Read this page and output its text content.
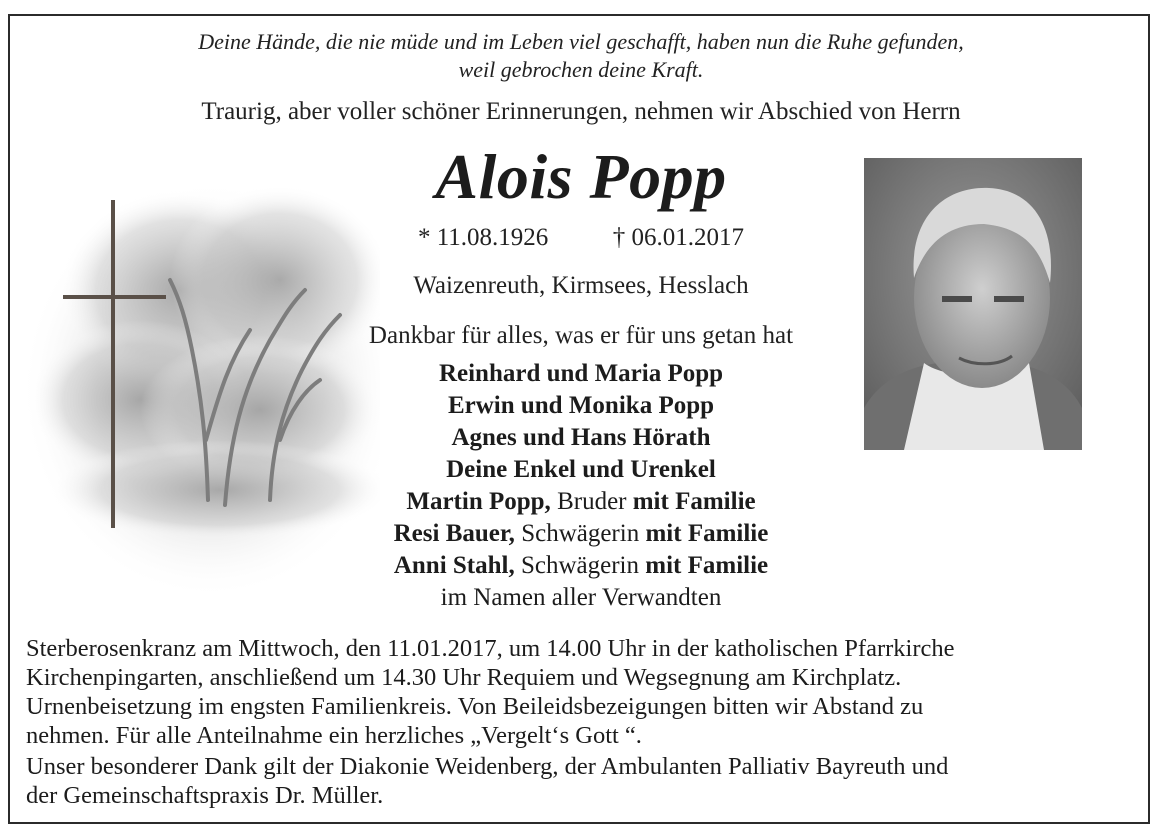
Deine Hände, die nie müde und im Leben viel geschafft, haben nun die Ruhe gefunden,
weil gebrochen deine Kraft.
Traurig, aber voller schöner Erinnerungen, nehmen wir Abschied von Herrn
Alois Popp
* 11.08.1926	† 06.01.2017
Waizenreuth, Kirmsees, Hesslach
Dankbar für alles, was er für uns getan hat
Reinhard und Maria Popp
Erwin und Monika Popp
Agnes und Hans Hörath
Deine Enkel und Urenkel
Martin Popp, Bruder mit Familie
Resi Bauer, Schwägerin mit Familie
Anni Stahl, Schwägerin mit Familie
im Namen aller Verwandten
Sterberosenkranz am Mittwoch, den 11.01.2017, um 14.00 Uhr in der katholischen Pfarrkirche
Kirchenpingarten, anschließend um 14.30 Uhr Requiem und Wegsegnung am Kirchplatz.
Urnenbeisetzung im engsten Familienkreis. Von Beileidsbezeigungen bitten wir Abstand zu
nehmen. Für alle Anteilnahme ein herzliches „Vergelt‘s Gott “.
Unser besonderer Dank gilt der Diakonie Weidenberg, der Ambulanten Palliativ Bayreuth und
der Gemeinschaftspraxis Dr. Müller.
